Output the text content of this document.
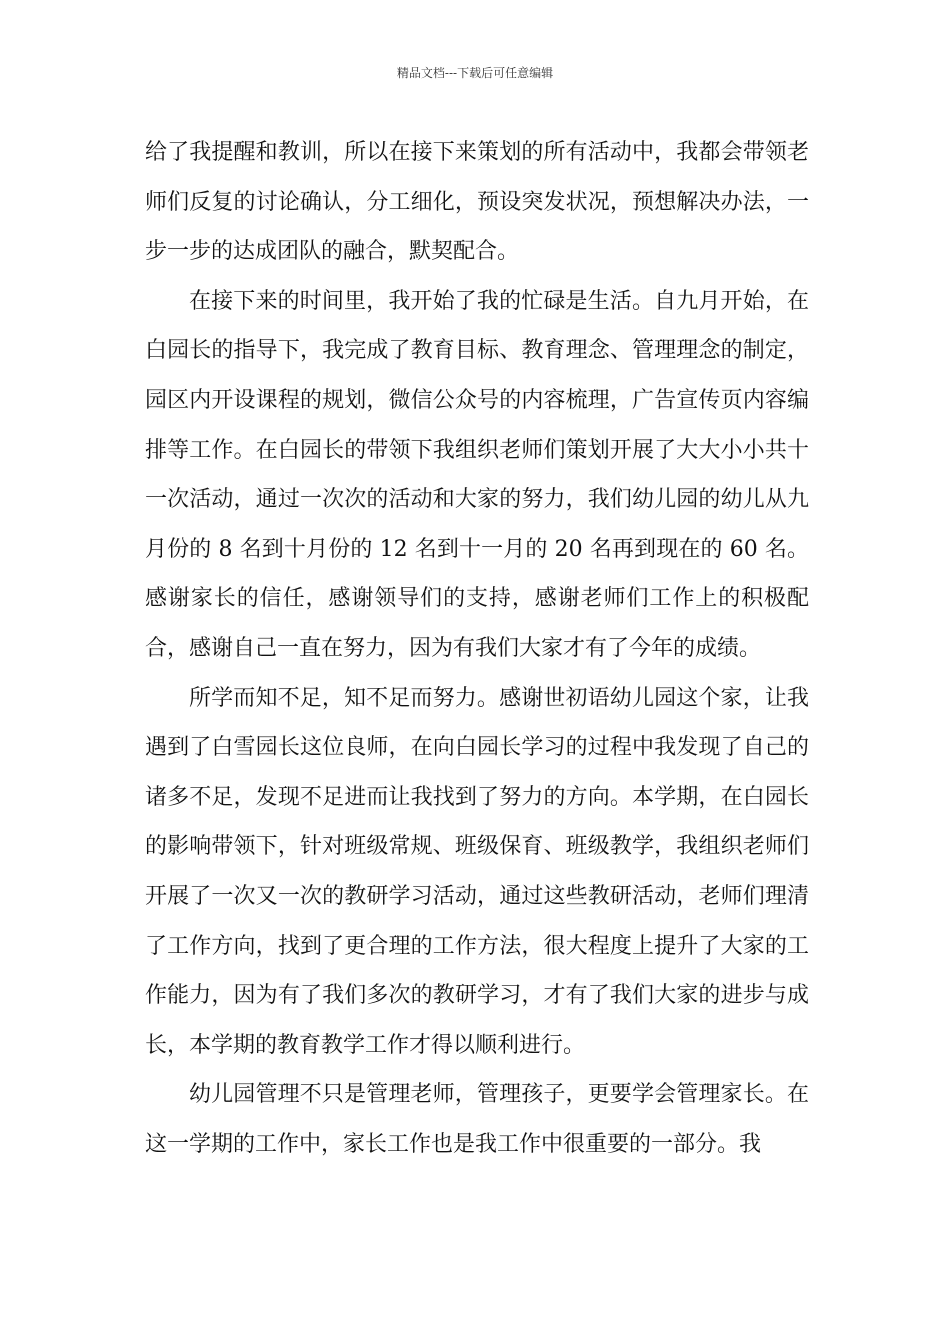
精品文档---下载后可任意编辑

给了我提醒和教训，所以在接下来策划的所有活动中，我都会带领老师们反复的讨论确认，分工细化，预设突发状况，预想解决办法，一步一步的达成团队的融合，默契配合。

在接下来的时间里，我开始了我的忙碌是生活。自九月开始，在白园长的指导下，我完成了教育目标、教育理念、管理理念的制定，园区内开设课程的规划，微信公众号的内容梳理，广告宣传页内容编排等工作。在白园长的带领下我组织老师们策划开展了大大小小共十一次活动，通过一次次的活动和大家的努力，我们幼儿园的幼儿从九月份的 8 名到十月份的 12 名到十一月的 20 名再到现在的 60 名。感谢家长的信任，感谢领导们的支持，感谢老师们工作上的积极配合，感谢自己一直在努力，因为有我们大家才有了今年的成绩。

所学而知不足，知不足而努力。感谢世初语幼儿园这个家，让我遇到了白雪园长这位良师，在向白园长学习的过程中我发现了自己的诸多不足，发现不足进而让我找到了努力的方向。本学期，在白园长的影响带领下，针对班级常规、班级保育、班级教学，我组织老师们开展了一次又一次的教研学习活动，通过这些教研活动，老师们理清了工作方向，找到了更合理的工作方法，很大程度上提升了大家的工作能力，因为有了我们多次的教研学习，才有了我们大家的进步与成长，本学期的教育教学工作才得以顺利进行。

幼儿园管理不只是管理老师，管理孩子，更要学会管理家长。在这一学期的工作中，家长工作也是我工作中很重要的一部分。我
